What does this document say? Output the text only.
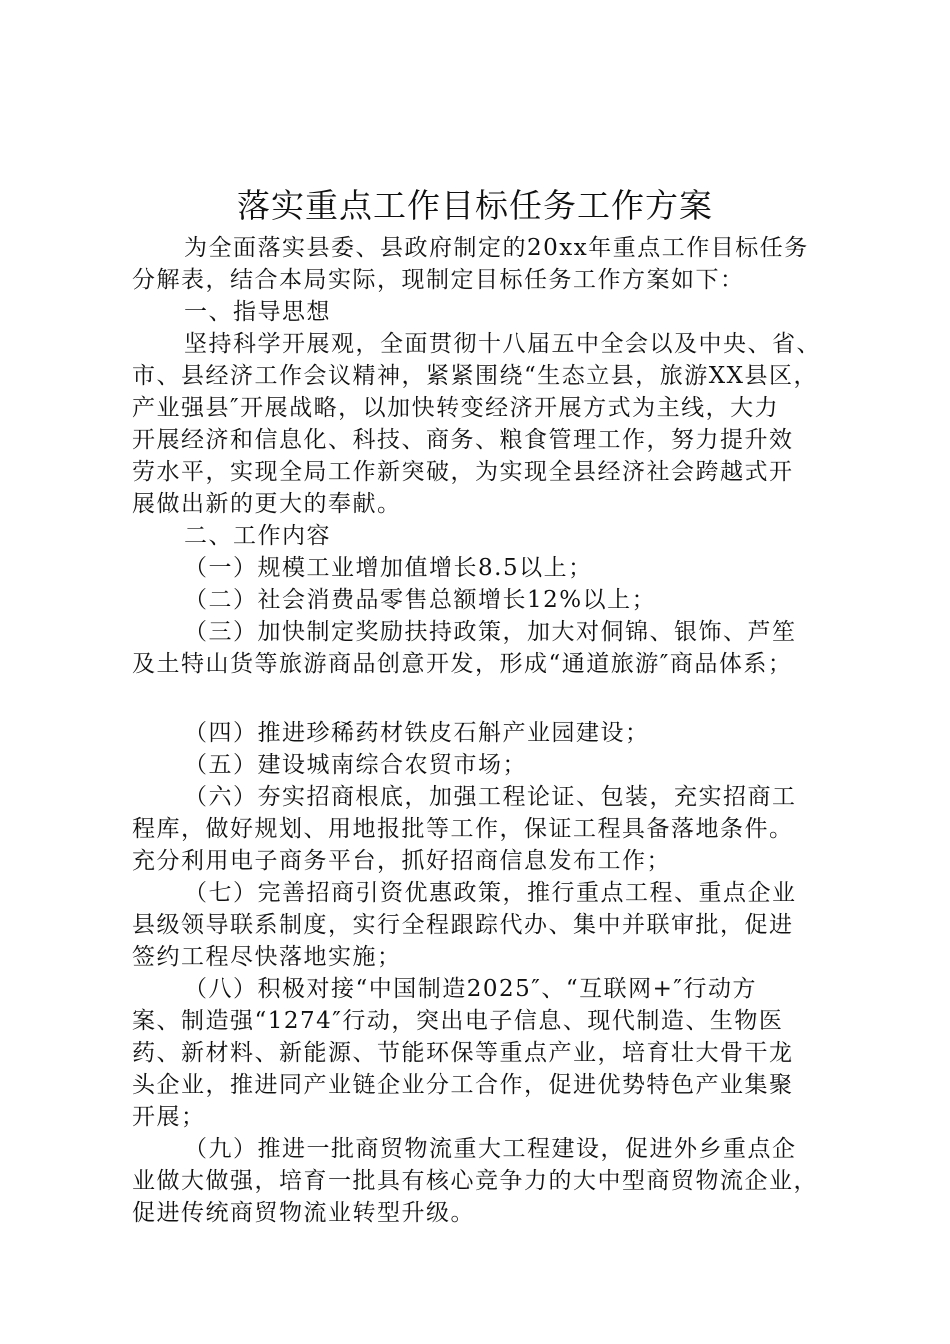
落实重点工作目标任务工作方案
为全面落实县委、县政府制定的20xx年重点工作目标任务
分解表，结合本局实际，现制定目标任务工作方案如下：
一、指导思想
坚持科学开展观，全面贯彻十八届五中全会以及中央、省、
市、县经济工作会议精神，紧紧围绕“生态立县，旅游XX县区，
产业强县″开展战略，以加快转变经济开展方式为主线，大力
开展经济和信息化、科技、商务、粮食管理工作，努力提升效
劳水平，实现全局工作新突破，为实现全县经济社会跨越式开
展做出新的更大的奉献。
二、工作内容
（一）规模工业增加值增长8.5以上；
（二）社会消费品零售总额增长12%以上；
（三）加快制定奖励扶持政策，加大对侗锦、银饰、芦笙
及土特山货等旅游商品创意开发，形成“通道旅游″商品体系；
（四）推进珍稀药材铁皮石斛产业园建设；
（五）建设城南综合农贸市场；
（六）夯实招商根底，加强工程论证、包装，充实招商工
程库，做好规划、用地报批等工作，保证工程具备落地条件。
充分利用电子商务平台，抓好招商信息发布工作；
（七）完善招商引资优惠政策，推行重点工程、重点企业
县级领导联系制度，实行全程跟踪代办、集中并联审批，促进
签约工程尽快落地实施；
（八）积极对接“中国制造2025″、“互联网+″行动方
案、制造强“1274″行动，突出电子信息、现代制造、生物医
药、新材料、新能源、节能环保等重点产业，培育壮大骨干龙
头企业，推进同产业链企业分工合作，促进优势特色产业集聚
开展；
（九）推进一批商贸物流重大工程建设，促进外乡重点企
业做大做强，培育一批具有核心竞争力的大中型商贸物流企业，
促进传统商贸物流业转型升级。
